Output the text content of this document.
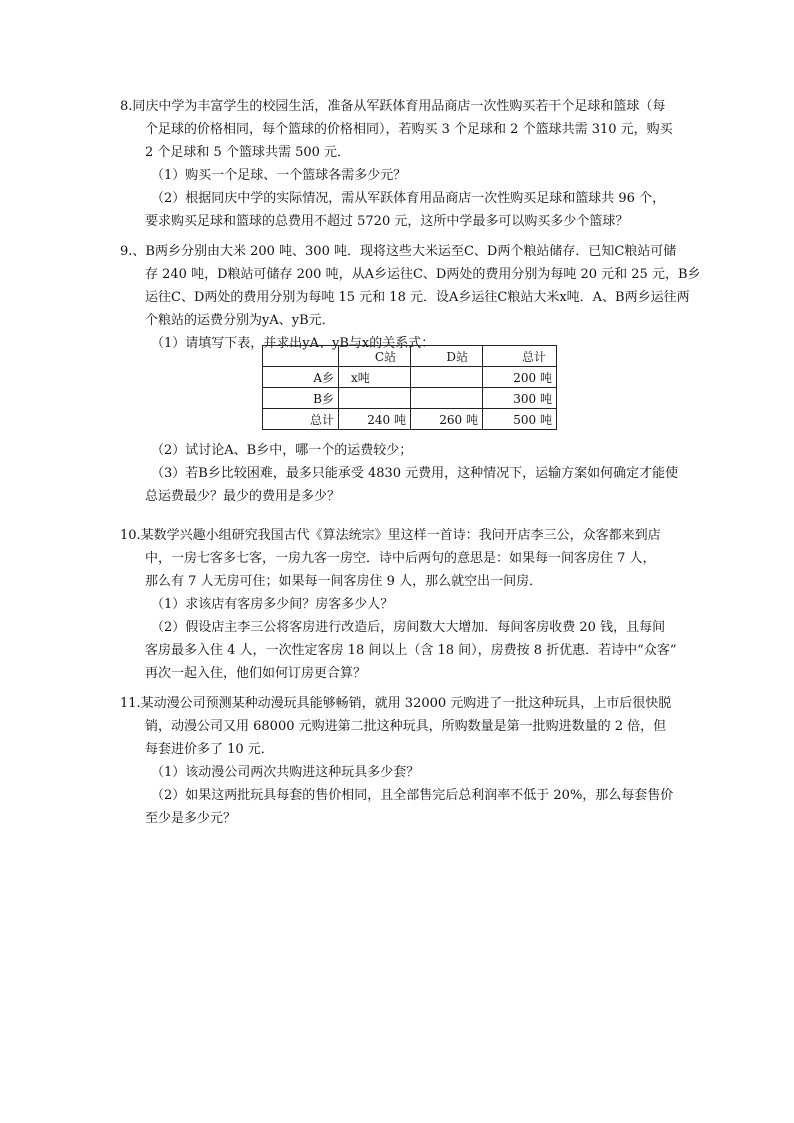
8.同庆中学为丰富学生的校园生活，准备从军跃体育用品商店一次性购买若干个足球和篮球（每
个足球的价格相同，每个篮球的价格相同），若购买 3 个足球和 2 个篮球共需 310 元，购买
2 个足球和 5 个篮球共需 500 元．
（1）购买一个足球、一个篮球各需多少元？
（2）根据同庆中学的实际情况，需从军跃体育用品商店一次性购买足球和篮球共 96 个，
要求购买足球和篮球的总费用不超过 5720 元，这所中学最多可以购买多少个篮球？
9.、B两乡分别由大米 200 吨、300 吨．现将这些大米运至C、D两个粮站储存．已知C粮站可储
存 240 吨，D粮站可储存 200 吨，从A乡运往C、D两处的费用分别为每吨 20 元和 25 元，B乡
运往C、D两处的费用分别为每吨 15 元和 18 元．设A乡运往C粮站大米x吨．A、B两乡运往两
个粮站的运费分别为yA、yB元．
（1）请填写下表，并求出yA、yB与x的关系式：
	C站	D站	总计
A乡	x吨		200 吨
B乡			300 吨
总计	240 吨	260 吨	500 吨
（2）试讨论A、B乡中，哪一个的运费较少；
（3）若B乡比较困难，最多只能承受 4830 元费用，这种情况下，运输方案如何确定才能使
总运费最少？最少的费用是多少？
10.某数学兴趣小组研究我国古代《算法统宗》里这样一首诗：我问开店李三公，众客都来到店
中，一房七客多七客，一房九客一房空．诗中后两句的意思是：如果每一间客房住 7 人，
那么有 7 人无房可住；如果每一间客房住 9 人，那么就空出一间房．
（1）求该店有客房多少间？房客多少人？
（2）假设店主李三公将客房进行改造后，房间数大大增加．每间客房收费 20 钱，且每间
客房最多入住 4 人，一次性定客房 18 间以上（含 18 间），房费按 8 折优惠．若诗中“众客”
再次一起入住，他们如何订房更合算？
11.某动漫公司预测某种动漫玩具能够畅销，就用 32000 元购进了一批这种玩具，上市后很快脱
销，动漫公司又用 68000 元购进第二批这种玩具，所购数量是第一批购进数量的 2 倍，但
每套进价多了 10 元．
（1）该动漫公司两次共购进这种玩具多少套？
（2）如果这两批玩具每套的售价相同，且全部售完后总利润率不低于 20%，那么每套售价
至少是多少元？
